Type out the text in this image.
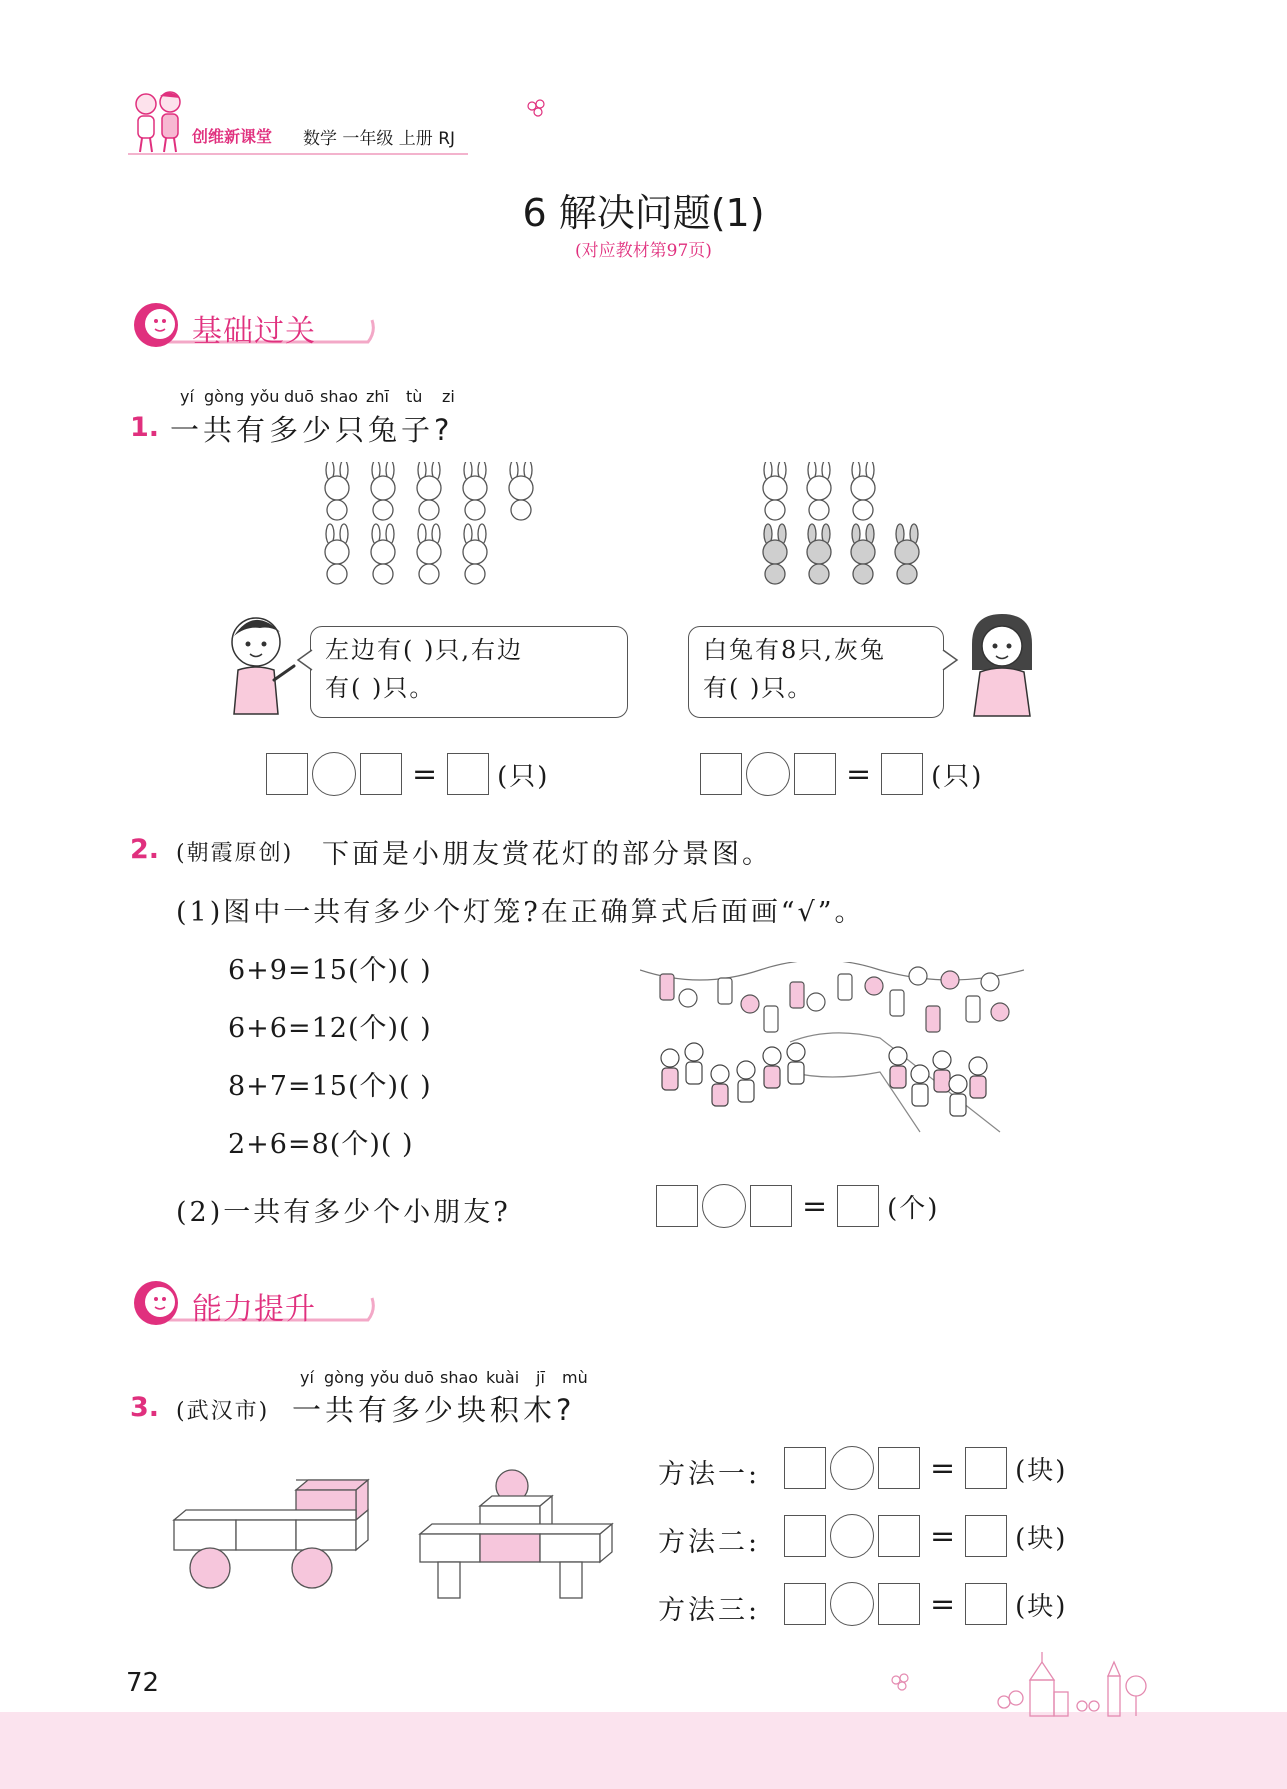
创维新课堂 数学 一年级 上册 RJ
6 解决问题(1)
(对应教材第97页)
基础过关
yí gòng yǒu duō shao zhī tù zi
1. 一共有多少只兔子?
左边有( )只,右边
有( )只。
白兔有8只,灰兔
有( )只。
= (只)	= (只)
2. (朝霞原创) 下面是小朋友赏花灯的部分景图。
(1)图中一共有多少个灯笼?在正确算式后面画“√”。
6+9=15(个)( )
6+6=12(个)( )
8+7=15(个)( )
2+6=8(个)( )
(2)一共有多少个小朋友?	= (个)
能力提升
yí gòng yǒu duō shao kuài jī mù
3. (武汉市) 一共有多少块积木?
方法一:	= (块)
方法二:	= (块)
方法三:	= (块)
72
